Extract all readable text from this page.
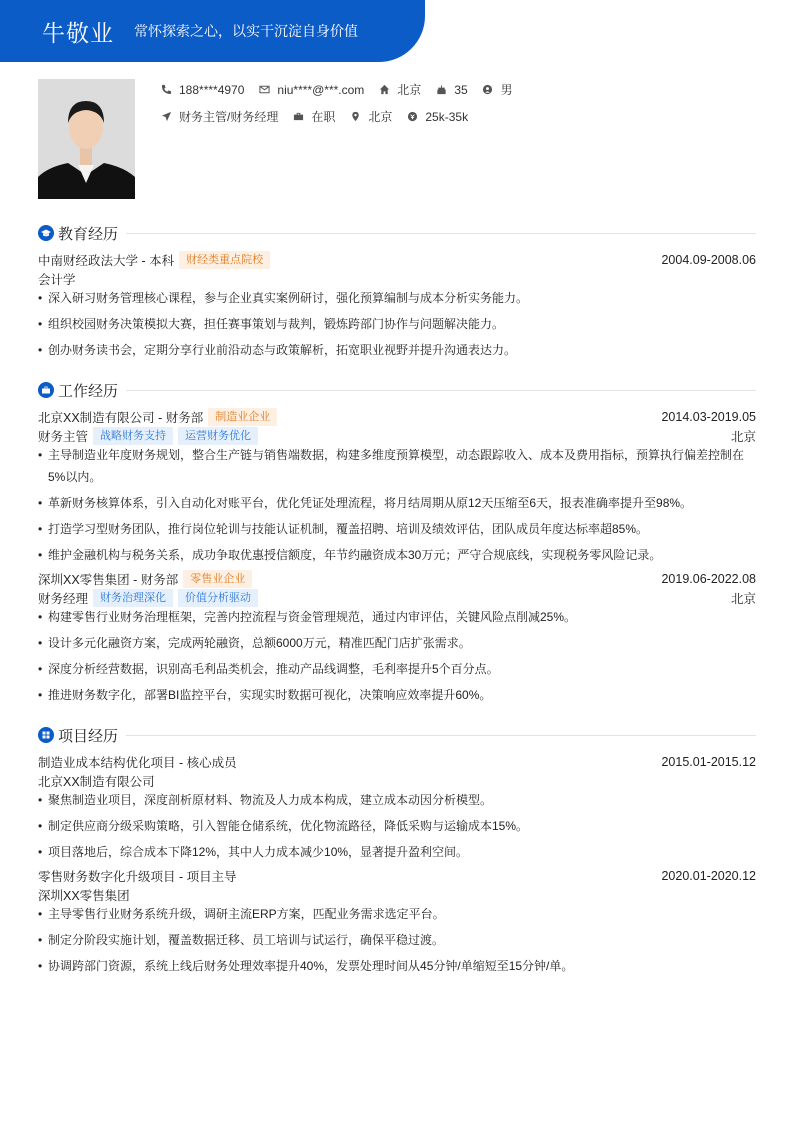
牛敬业 常怀探索之心，以实干沉淀自身价值
188****4970	niu****@***.com	北京	35	男
财务主管/财务经理	在职	北京	25k-35k
教育经历
中南财经政法大学 - 本科	财经类重点院校	2004.09-2008.06
会计学
• 深入研习财务管理核心课程，参与企业真实案例研讨，强化预算编制与成本分析实务能力。
• 组织校园财务决策模拟大赛，担任赛事策划与裁判，锻炼跨部门协作与问题解决能力。
• 创办财务读书会，定期分享行业前沿动态与政策解析，拓宽职业视野并提升沟通表达力。
工作经历
北京XX制造有限公司 - 财务部	制造业企业	2014.03-2019.05
财务主管	战略财务支持	运营财务优化	北京
• 主导制造业年度财务规划，整合生产链与销售端数据，构建多维度预算模型，动态跟踪收入、成本及费用指标，预算执行偏差控制在
5%以内。
• 革新财务核算体系，引入自动化对账平台，优化凭证处理流程，将月结周期从原12天压缩至6天，报表准确率提升至98%。
• 打造学习型财务团队，推行岗位轮训与技能认证机制，覆盖招聘、培训及绩效评估，团队成员年度达标率超85%。
• 维护金融机构与税务关系，成功争取优惠授信额度，年节约融资成本30万元；严守合规底线，实现税务零风险记录。
深圳XX零售集团 - 财务部	零售业企业	2019.06-2022.08
财务经理	财务治理深化	价值分析驱动	北京
• 构建零售行业财务治理框架，完善内控流程与资金管理规范，通过内审评估，关键风险点削减25%。
• 设计多元化融资方案，完成两轮融资，总额6000万元，精准匹配门店扩张需求。
• 深度分析经营数据，识别高毛利品类机会，推动产品线调整，毛利率提升5个百分点。
• 推进财务数字化，部署BI监控平台，实现实时数据可视化，决策响应效率提升60%。
项目经历
制造业成本结构优化项目 - 核心成员	2015.01-2015.12
北京XX制造有限公司
• 聚焦制造业项目，深度剖析原材料、物流及人力成本构成，建立成本动因分析模型。
• 制定供应商分级采购策略，引入智能仓储系统，优化物流路径，降低采购与运输成本15%。
• 项目落地后，综合成本下降12%，其中人力成本减少10%，显著提升盈利空间。
零售财务数字化升级项目 - 项目主导	2020.01-2020.12
深圳XX零售集团
• 主导零售行业财务系统升级，调研主流ERP方案，匹配业务需求选定平台。
• 制定分阶段实施计划，覆盖数据迁移、员工培训与试运行，确保平稳过渡。
• 协调跨部门资源，系统上线后财务处理效率提升40%，发票处理时间从45分钟/单缩短至15分钟/单。
